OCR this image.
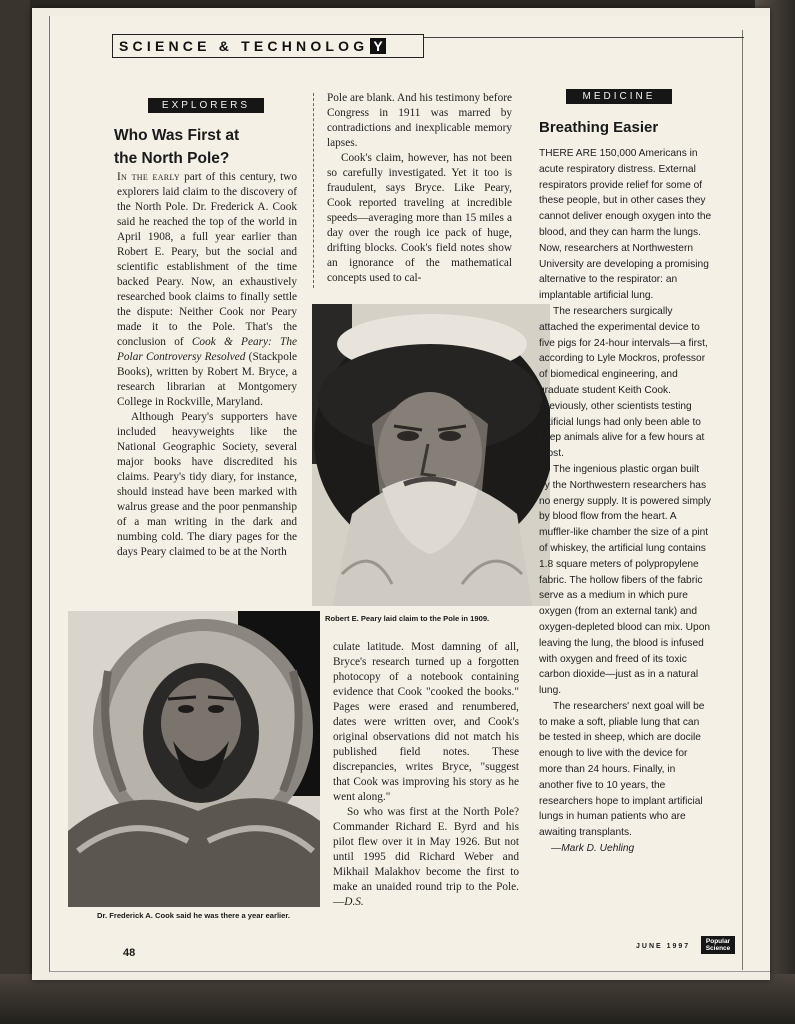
SCIENCE & TECHNOLOG Y
EXPLORERS
Who Was First at
the North Pole?

In the early part of this century, two explorers laid claim to the discovery of the North Pole. Dr. Frederick A. Cook said he reached the top of the world in April 1908, a full year earlier than Robert E. Peary, but the social and scientific establishment of the time backed Peary. Now, an exhaustively researched book claims to finally settle the dispute: Neither Cook nor Peary made it to the Pole. That's the conclusion of Cook & Peary: The Polar Controversy Resolved (Stackpole Books), written by Robert M. Bryce, a research librarian at Montgomery College in Rockville, Maryland.

Although Peary's supporters have included heavyweights like the National Geographic Society, several major books have discredited his claims. Peary's tidy diary, for instance, should instead have been marked with walrus grease and the poor penmanship of a man writing in the dark and numbing cold. The diary pages for the days Peary claimed to be at the North

Pole are blank. And his testimony before Congress in 1911 was marred by contradictions and inexplicable memory lapses.

Cook's claim, however, has not been so carefully investigated. Yet it too is fraudulent, says Bryce. Like Peary, Cook reported traveling at incredible speeds—averaging more than 15 miles a day over the rough ice pack of huge, drifting blocks. Cook's field notes show an ignorance of the mathematical concepts used to cal-

Robert E. Peary laid claim to the Pole in 1909.
Dr. Frederick A. Cook said he was there a year earlier.

culate latitude. Most damning of all, Bryce's research turned up a forgotten photocopy of a notebook containing evidence that Cook "cooked the books." Pages were erased and renumbered, dates were written over, and Cook's original observations did not match his published field notes. These discrepancies, writes Bryce, "suggest that Cook was improving his story as he went along."

So who was first at the North Pole? Commander Richard E. Byrd and his pilot flew over it in May 1926. But not until 1995 did Richard Weber and Mikhail Malakhov become the first to make an unaided round trip to the Pole.—D.S.

MEDICINE
Breathing Easier

THERE ARE 150,000 Americans in acute respiratory distress. External respirators provide relief for some of these people, but in other cases they cannot deliver enough oxygen into the blood, and they can harm the lungs. Now, researchers at Northwestern University are developing a promising alternative to the respirator: an implantable artificial lung.

The researchers surgically attached the experimental device to five pigs for 24-hour intervals—a first, according to Lyle Mockros, professor of biomedical engineering, and graduate student Keith Cook. Previously, other scientists testing artificial lungs had only been able to keep animals alive for a few hours at most.

The ingenious plastic organ built by the Northwestern researchers has no energy supply. It is powered simply by blood flow from the heart. A muffler-like chamber the size of a pint of whiskey, the artificial lung contains 1.8 square meters of polypropylene fabric. The hollow fibers of the fabric serve as a medium in which pure oxygen (from an external tank) and oxygen-depleted blood can mix. Upon leaving the lung, the blood is infused with oxygen and freed of its toxic carbon dioxide—just as in a natural lung.

The researchers' next goal will be to make a soft, pliable lung that can be tested in sheep, which are docile enough to live with the device for more than 24 hours. Finally, in another five to 10 years, the researchers hope to implant artificial lungs in human patients who are awaiting transplants.

—Mark D. Uehling

48
JUNE 1997
Popular
Science
